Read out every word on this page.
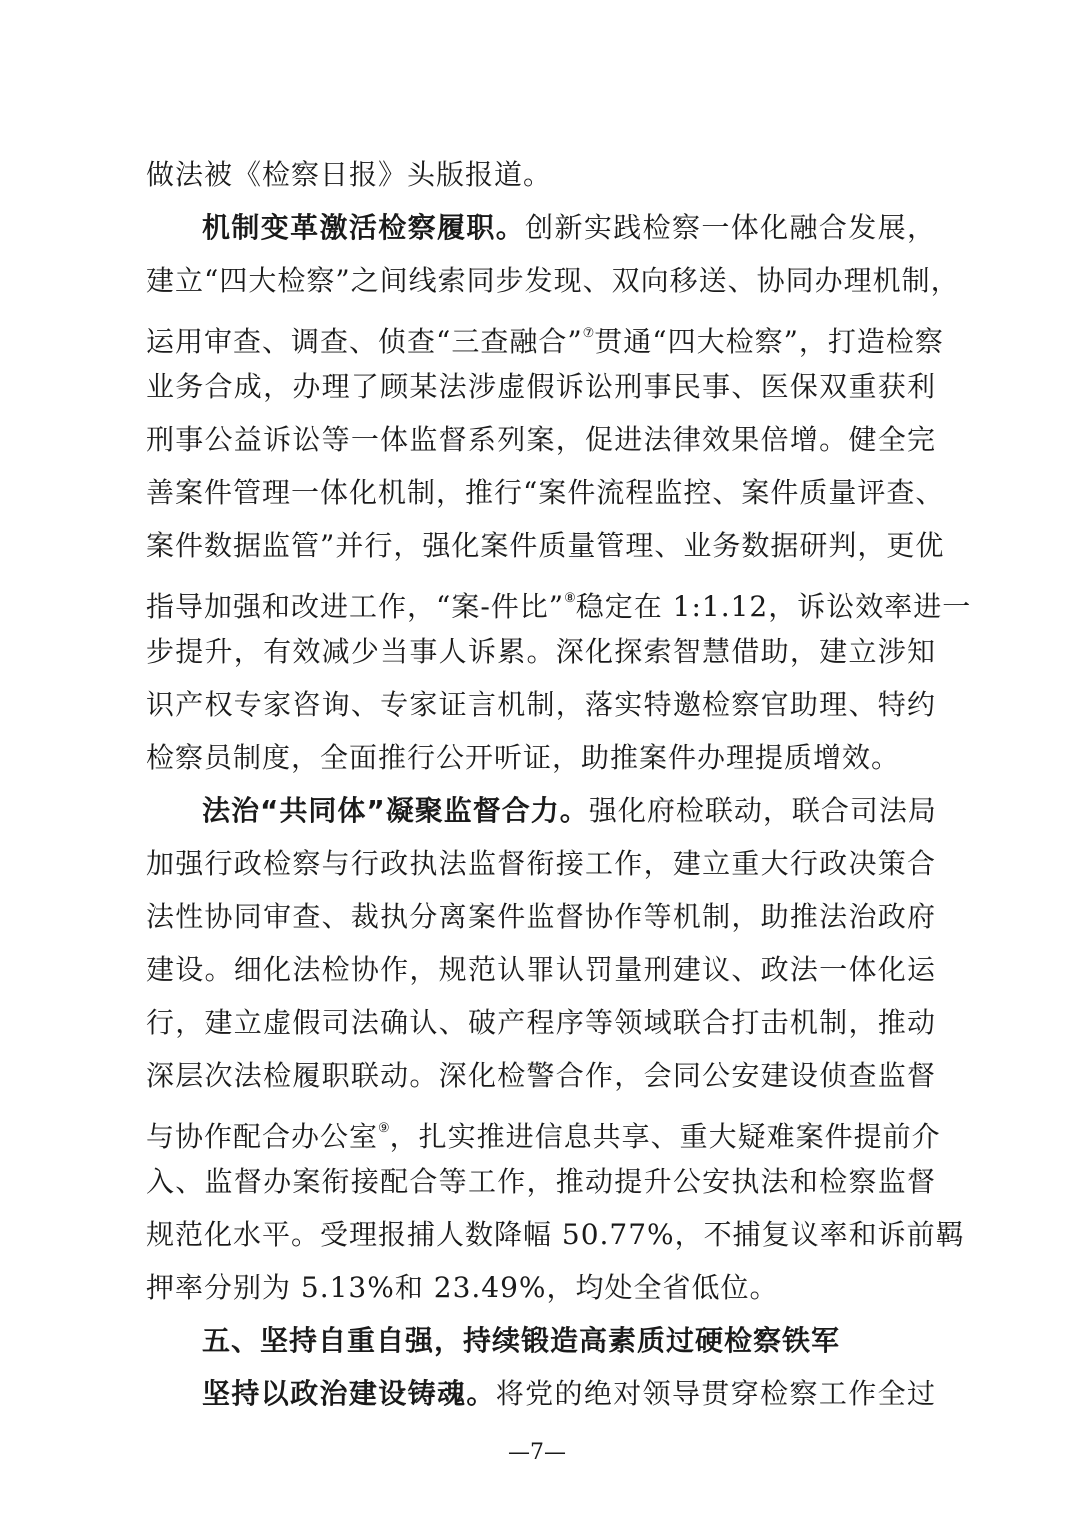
做法被《检察日报》头版报道。
机制变革激活检察履职。创新实践检察一体化融合发展，
建立“四大检察”之间线索同步发现、双向移送、协同办理机制，
运用审查、调查、侦查“三查融合”⑦贯通“四大检察”，打造检察
业务合成，办理了顾某法涉虚假诉讼刑事民事、医保双重获利
刑事公益诉讼等一体监督系列案，促进法律效果倍增。健全完
善案件管理一体化机制，推行“案件流程监控、案件质量评查、
案件数据监管”并行，强化案件质量管理、业务数据研判，更优
指导加强和改进工作，“案-件比”⑧稳定在 1:1.12，诉讼效率进一
步提升，有效减少当事人诉累。深化探索智慧借助，建立涉知
识产权专家咨询、专家证言机制，落实特邀检察官助理、特约
检察员制度，全面推行公开听证，助推案件办理提质增效。
法治“共同体”凝聚监督合力。强化府检联动，联合司法局
加强行政检察与行政执法监督衔接工作，建立重大行政决策合
法性协同审查、裁执分离案件监督协作等机制，助推法治政府
建设。细化法检协作，规范认罪认罚量刑建议、政法一体化运
行，建立虚假司法确认、破产程序等领域联合打击机制，推动
深层次法检履职联动。深化检警合作，会同公安建设侦查监督
与协作配合办公室⑨，扎实推进信息共享、重大疑难案件提前介
入、监督办案衔接配合等工作，推动提升公安执法和检察监督
规范化水平。受理报捕人数降幅 50.77%，不捕复议率和诉前羁
押率分别为 5.13%和 23.49%，均处全省低位。
五、坚持自重自强，持续锻造高素质过硬检察铁军
坚持以政治建设铸魂。将党的绝对领导贯穿检察工作全过
—7—
